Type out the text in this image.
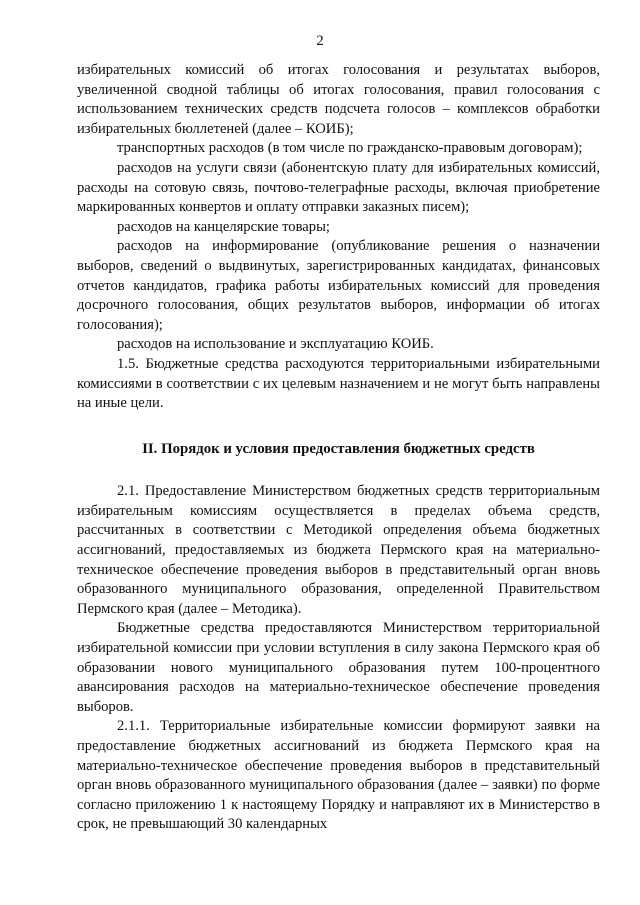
2

избирательных комиссий об итогах голосования и результатах выборов, увеличенной сводной таблицы об итогах голосования, правил голосования с использованием технических средств подсчета голосов – комплексов обработки избирательных бюллетеней (далее – КОИБ);

транспортных расходов (в том числе по гражданско-правовым договорам);

расходов на услуги связи (абонентскую плату для избирательных комиссий, расходы на сотовую связь, почтово-телеграфные расходы, включая приобретение маркированных конвертов и оплату отправки заказных писем);

расходов на канцелярские товары;

расходов на информирование (опубликование решения о назначении выборов, сведений о выдвинутых, зарегистрированных кандидатах, финансовых отчетов кандидатов, графика работы избирательных комиссий для проведения досрочного голосования, общих результатов выборов, информации об итогах голосования);

расходов на использование и эксплуатацию КОИБ.

1.5. Бюджетные средства расходуются территориальными избирательными комиссиями в соответствии с их целевым назначением и не могут быть направлены на иные цели.

II. Порядок и условия предоставления бюджетных средств

2.1. Предоставление Министерством бюджетных средств территориальным избирательным комиссиям осуществляется в пределах объема средств, рассчитанных в соответствии с Методикой определения объема бюджетных ассигнований, предоставляемых из бюджета Пермского края на материально-техническое обеспечение проведения выборов в представительный орган вновь образованного муниципального образования, определенной Правительством Пермского края (далее – Методика).

Бюджетные средства предоставляются Министерством территориальной избирательной комиссии при условии вступления в силу закона Пермского края об образовании нового муниципального образования путем 100-процентного авансирования расходов на материально-техническое обеспечение проведения выборов.

2.1.1. Территориальные избирательные комиссии формируют заявки на предоставление бюджетных ассигнований из бюджета Пермского края на материально-техническое обеспечение проведения выборов в представительный орган вновь образованного муниципального образования (далее – заявки) по форме согласно приложению 1 к настоящему Порядку и направляют их в Министерство в срок, не превышающий 30 календарных
